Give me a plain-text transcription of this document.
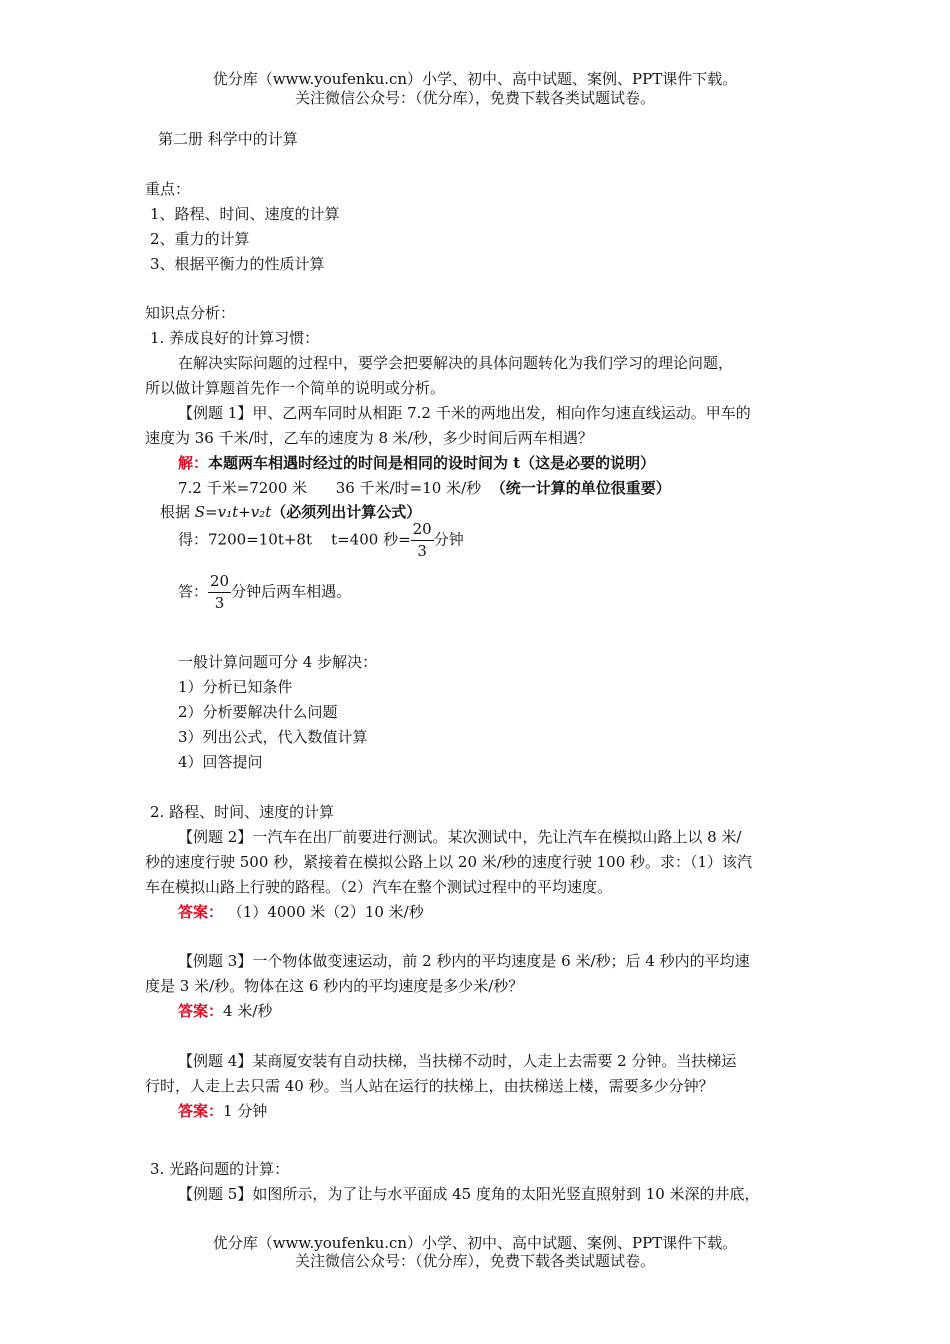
优分库（www.youfenku.cn）小学、初中、高中试题、案例、PPT课件下载。
关注微信公众号：（优分库），免费下载各类试题试卷。
第二册 科学中的计算
重点：
1、路程、时间、速度的计算
2、重力的计算
3、根据平衡力的性质计算
知识点分析：
1. 养成良好的计算习惯：
在解决实际问题的过程中，要学会把要解决的具体问题转化为我们学习的理论问题，
所以做计算题首先作一个简单的说明或分析。
【例题 1】甲、乙两车同时从相距 7.2 千米的两地出发，相向作匀速直线运动。甲车的
速度为 36 千米/时，乙车的速度为 8 米/秒，多少时间后两车相遇？
解：本题两车相遇时经过的时间是相同的设时间为 t（这是必要的说明）
7.2 千米=7200 米      36 千米/时=10 米/秒 （统一计算的单位很重要）
根据 S=v₁t+v₂t（必须列出计算公式）
得：7200=10t+8t    t=400 秒= $\frac{20}{3}$ 分钟
答： $\frac{20}{3}$ 分钟后两车相遇。
一般计算问题可分 4 步解决：
1）分析已知条件
2）分析要解决什么问题
3）列出公式，代入数值计算
4）回答提问
2. 路程、时间、速度的计算
【例题 2】一汽车在出厂前要进行测试。某次测试中，先让汽车在模拟山路上以 8 米/
秒的速度行驶 500 秒，紧接着在模拟公路上以 20 米/秒的速度行驶 100 秒。求：（1）该汽
车在模拟山路上行驶的路程。（2）汽车在整个测试过程中的平均速度。
答案： （1）4000 米（2）10 米/秒
【例题 3】一个物体做变速运动，前 2 秒内的平均速度是 6 米/秒；后 4 秒内的平均速
度是 3 米/秒。物体在这 6 秒内的平均速度是多少米/秒？
答案：4 米/秒
【例题 4】某商厦安装有自动扶梯，当扶梯不动时，人走上去需要 2 分钟。当扶梯运
行时，人走上去只需 40 秒。当人站在运行的扶梯上，由扶梯送上楼，需要多少分钟？
答案：1 分钟
3. 光路问题的计算：
【例题 5】如图所示，为了让与水平面成 45 度角的太阳光竖直照射到 10 米深的井底，
优分库（www.youfenku.cn）小学、初中、高中试题、案例、PPT课件下载。
关注微信公众号：（优分库），免费下载各类试题试卷。
